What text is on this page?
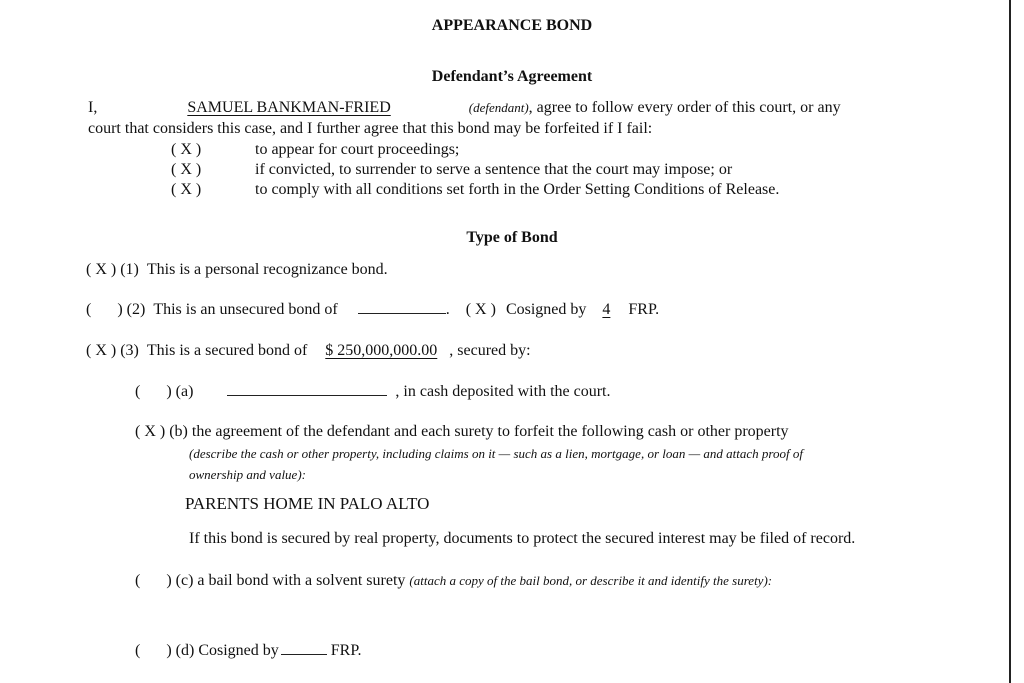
APPEARANCE BOND
Defendant’s Agreement
I,	SAMUEL BANKMAN-FRIED	(defendant), agree to follow every order of this court, or any
court that considers this case, and I further agree that this bond may be forfeited if I fail:
( X )	to appear for court proceedings;
( X )	if convicted, to surrender to serve a sentence that the court may impose; or
( X )	to comply with all conditions set forth in the Order Setting Conditions of Release.
Type of Bond
( X ) (1) This is a personal recognizance bond.
( ) (2) This is an unsecured bond of	. ( X ) Cosigned by 4 FRP.
( X ) (3) This is a secured bond of $ 250,000,000.00 , secured by:
( ) (a)	, in cash deposited with the court.
( X ) (b) the agreement of the defendant and each surety to forfeit the following cash or other property
(describe the cash or other property, including claims on it — such as a lien, mortgage, or loan — and attach proof of
ownership and value):
PARENTS HOME IN PALO ALTO
If this bond is secured by real property, documents to protect the secured interest may be filed of record.
( ) (c) a bail bond with a solvent surety (attach a copy of the bail bond, or describe it and identify the surety):
( ) (d) Cosigned by	FRP.
